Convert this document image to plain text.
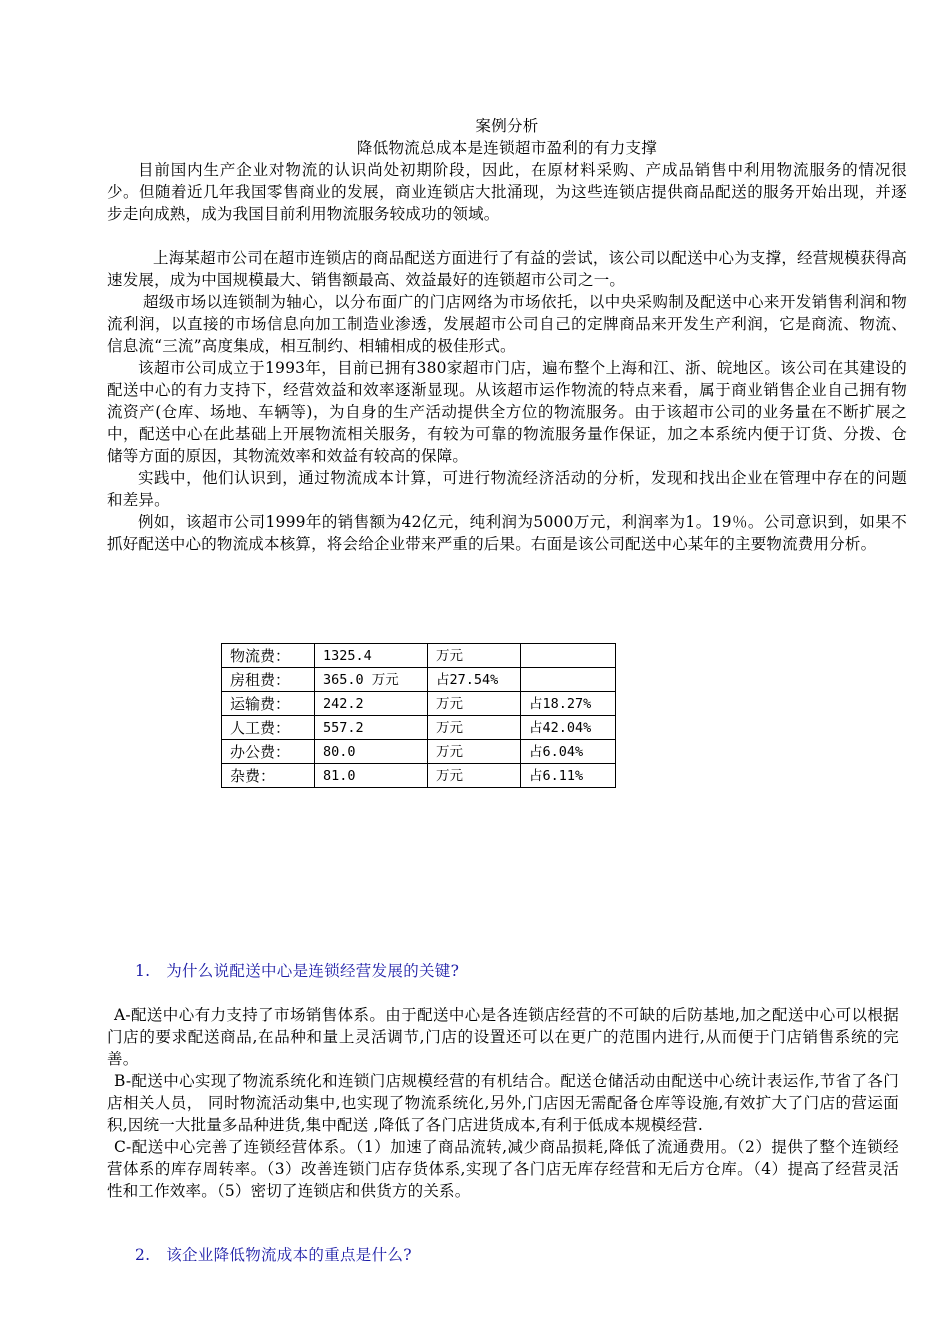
案例分析
降低物流总成本是连锁超市盈利的有力支撑

目前国内生产企业对物流的认识尚处初期阶段，因此，在原材料采购、产成品销售中利用物流服务的情况很少。但随着近几年我国零售商业的发展，商业连锁店大批涌现，为这些连锁店提供商品配送的服务开始出现，并逐步走向成熟，成为我国目前利用物流服务较成功的领域。

上海某超市公司在超市连锁店的商品配送方面进行了有益的尝试，该公司以配送中心为支撑，经营规模获得高速发展，成为中国规模最大、销售额最高、效益最好的连锁超市公司之一。

超级市场以连锁制为轴心，以分布面广的门店网络为市场依托，以中央采购制及配送中心来开发销售利润和物流利润，以直接的市场信息向加工制造业渗透，发展超市公司自己的定牌商品来开发生产利润，它是商流、物流、信息流“三流”高度集成，相互制约、相辅相成的极佳形式。

该超市公司成立于1993年，目前已拥有380家超市门店，遍布整个上海和江、浙、皖地区。该公司在其建设的配送中心的有力支持下，经营效益和效率逐渐显现。从该超市运作物流的特点来看，属于商业销售企业自己拥有物流资产(仓库、场地、车辆等)，为自身的生产活动提供全方位的物流服务。由于该超市公司的业务量在不断扩展之中，配送中心在此基础上开展物流相关服务，有较为可靠的物流服务量作保证，加之本系统内便于订货、分拨、仓储等方面的原因，其物流效率和效益有较高的保障。

实践中，他们认识到，通过物流成本计算，可进行物流经济活动的分析，发现和找出企业在管理中存在的问题和差异。

例如，该超市公司1999年的销售额为42亿元，纯利润为5000万元，利润率为1。19％。公司意识到，如果不抓好配送中心的物流成本核算，将会给企业带来严重的后果。右面是该公司配送中心某年的主要物流费用分析。

物流费：	1325.4	万元	
房租费：	365.0 万元	占27.54%	
运输费：	242.2	万元	占18.27%
人工费：	557.2	万元	占42.04%
办公费：	80.0	万元	占6.04%
杂费：	81.0	万元	占6.11%
1.　为什么说配送中心是连锁经营发展的关键?

A-配送中心有力支持了市场销售体系。由于配送中心是各连锁店经营的不可缺的后防基地,加之配送中心可以根据门店的要求配送商品,在品种和量上灵活调节,门店的设置还可以在更广的范围内进行,从而便于门店销售系统的完善。

B-配送中心实现了物流系统化和连锁门店规模经营的有机结合。配送仓储活动由配送中心统计表运作,节省了各门店相关人员， 同时物流活动集中,也实现了物流系统化,另外,门店因无需配备仓库等设施,有效扩大了门店的营运面积,因统一大批量多品种进货,集中配送 ,降低了各门店进货成本,有利于低成本规模经营.

C-配送中心完善了连锁经营体系。（1）加速了商品流转,减少商品损耗,降低了流通费用。（2）提供了整个连锁经营体系的库存周转率。（3）改善连锁门店存货体系,实现了各门店无库存经营和无后方仓库。（4）提高了经营灵活性和工作效率。（5）密切了连锁店和供货方的关系。

2.　该企业降低物流成本的重点是什么?
